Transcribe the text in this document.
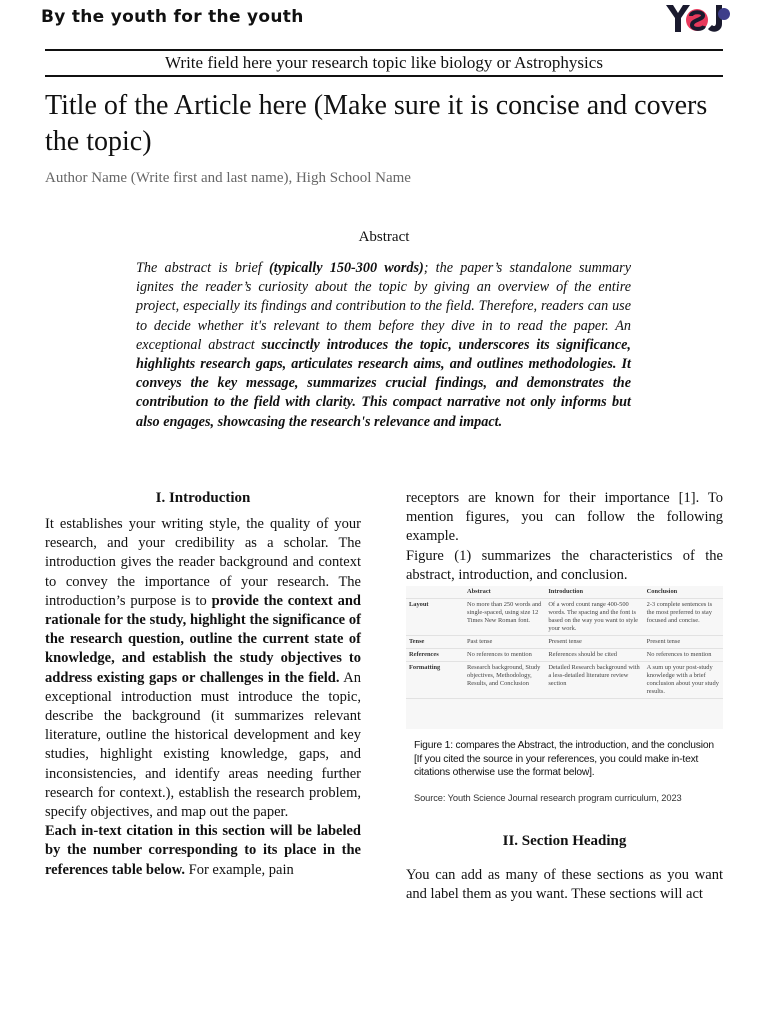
By the youth for the youth
Write field here your research topic like biology or Astrophysics
Title of the Article here (Make sure it is concise and covers the topic)
Author Name (Write first and last name), High School Name
Abstract
The abstract is brief (typically 150-300 words); the paper’s standalone summary ignites the reader’s curiosity about the topic by giving an overview of the entire project, especially its findings and contribution to the field. Therefore, readers can use to decide whether it's relevant to them before they dive in to read the paper. An exceptional abstract succinctly introduces the topic, underscores its significance, highlights research gaps, articulates research aims, and outlines methodologies. It conveys the key message, summarizes crucial findings, and demonstrates the contribution to the field with clarity. This compact narrative not only informs but also engages, showcasing the research's relevance and impact.
I. Introduction

It establishes your writing style, the quality of your research, and your credibility as a scholar. The introduction gives the reader background and context to convey the importance of your research. The introduction’s purpose is to provide the context and rationale for the study, highlight the significance of the research question, outline the current state of knowledge, and establish the study objectives to address existing gaps or challenges in the field. An exceptional introduction must introduce the topic, describe the background (it summarizes relevant literature, outline the historical development and key studies, highlight existing knowledge, gaps, and inconsistencies, and identify areas needing further research for context.), establish the research problem, specify objectives, and map out the paper.

Each in-text citation in this section will be labeled by the number corresponding to its place in the references table below. For example, pain

receptors are known for their importance [1]. To mention figures, you can follow the following example.

Figure (1) summarizes the characteristics of the abstract, introduction, and conclusion.

	Abstract	Introduction	Conclusion
Layout	No more than 250 words and single-spaced, using size 12 Times New Roman font.	Of a word count range 400-500 words. The spacing and the font is based on the way you want to style your work.	2-3 complete sentences is the most preferred to stay focused and concise.
Tense	Past tense	Present tense	Present tense
References	No references to mention	References should be cited	No references to mention
Formatting	Research background, Study objectives, Methodology, Results, and Conclusion	Detailed Research background with a less-detailed literature review section	A sum up your post-study knowledge with a brief conclusion about your study results.
Figure 1: compares the Abstract, the introduction, and the conclusion [If you cited the source in your references, you could make in-text citations otherwise use the format below].
Source: Youth Science Journal research program curriculum, 2023
II. Section Heading
You can add as many of these sections as you want and label them as you want. These sections will act
